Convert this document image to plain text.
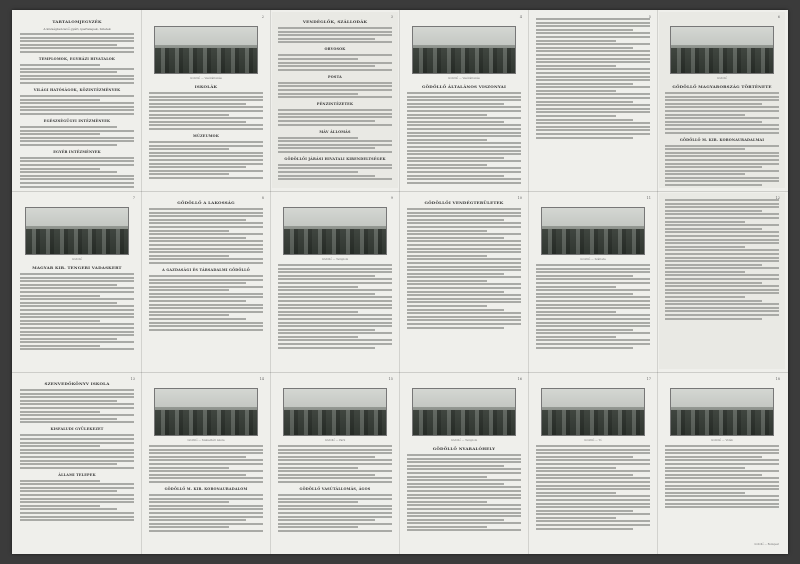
TARTALOMJEGYZÉK
A községben levő gyári, ipartelepek, üzletek
TEMPLOMOK, EGYHÁZI HIVATALOK
VILÁGI HATÓSÁGOK, KÖZINTÉZMÉNYEK
EGÉSZSÉGÜGYI INTÉZMÉNYEK
EGYÉB INTÉZMÉNYEK
2
Gödöllő — Vasútállomás
ISKOLÁK
MÚZEUMOK
3
VENDÉGLŐK, SZÁLLODÁK
ORVOSOK
POSTA
PÉNZINTÉZETEK
MÁV ÁLLOMÁS
GÖDÖLLŐI JÁRÁSI HIVATALI KIRENDELTSÉGEK
4
Gödöllő — Vasútállomás
GÖDÖLLŐ ÁLTALÁNOS VISZONYAI
5	6
Gödöllő
GÖDÖLLŐ MAGYARORSZÁG TÖRTÉNETE
GÖDÖLLŐ M. KIR. KORONAURADALMAI
7
Gödöllő
MAGYAR KIR. TENGERI VADASKERT
8
GÖDÖLLŐ A LAKOSSÁG
A GAZDASÁGI ÉS TÁRSADALMI GÖDÖLLŐ
9
Gödöllő — Templom
10
GÖDÖLLŐI VENDÉGTERÜLETEK
11
Gödöllő — Szálloda
12
13
SZENVEDŐKÖNYV ISKOLA
KISFALUDI GYÜLEKEZET
ÁLLAMI TELEPEK
14
Gödöllő — Szabadtéri iskola
GÖDÖLLŐ M. KIR. KORONAURADALOM
15
Gödöllő — Park
GÖDÖLLŐ VASÚTÁLLOMÁS, ÁGOS
16
Gödöllő — Templom
GÖDÖLLŐ NYARALÓHELY
17
Gödöllő — Tó
18
Gödöllő — Vidék
Gödöllő — Budapest
